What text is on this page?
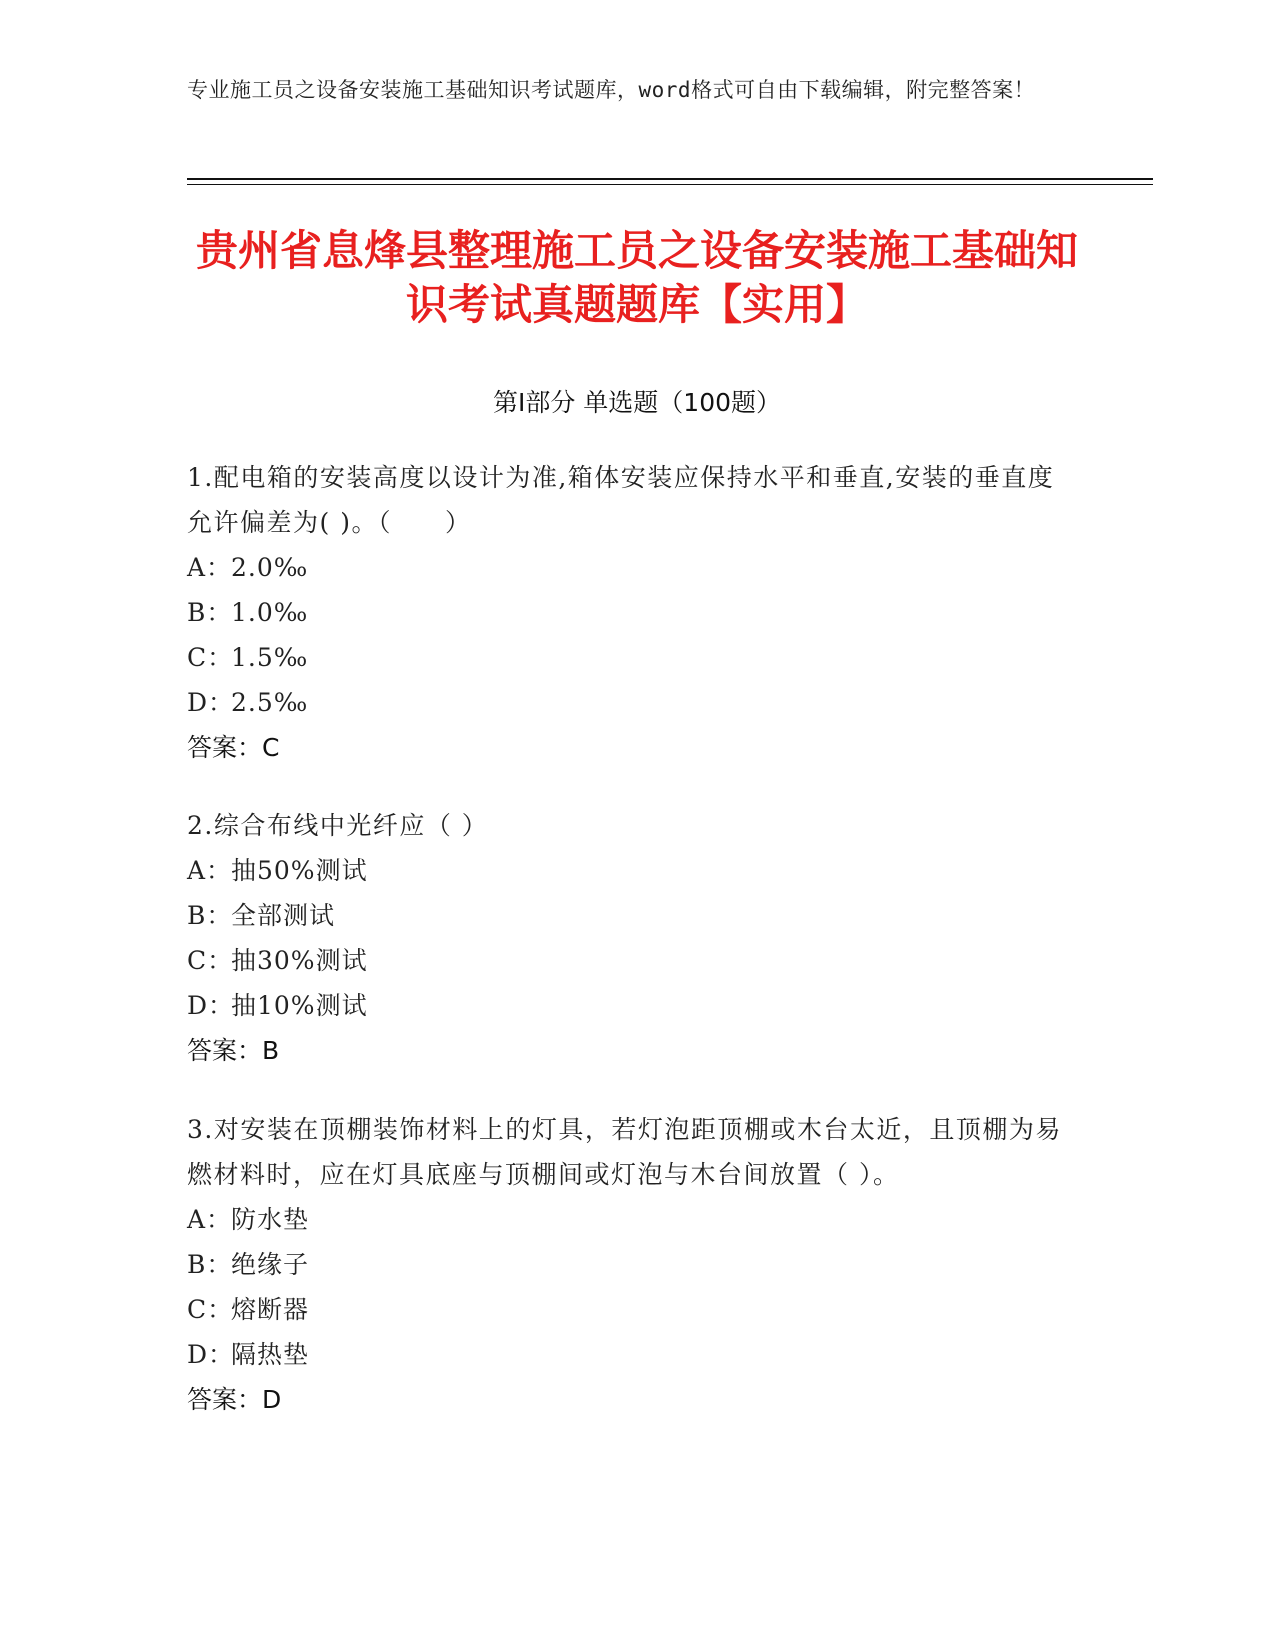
专业施工员之设备安装施工基础知识考试题库，word格式可自由下载编辑，附完整答案！
贵州省息烽县整理施工员之设备安装施工基础知识考试真题题库【实用】
第Ⅰ部分 单选题（100题）
1.配电箱的安装高度以设计为准,箱体安装应保持水平和垂直,安装的垂直度允许偏差为( )。（　　）
A：2.0‰
B：1.0‰
C：1.5‰
D：2.5‰
答案：C
2.综合布线中光纤应（ ）
A：抽50%测试
B：全部测试
C：抽30%测试
D：抽10%测试
答案：B
3.对安装在顶棚装饰材料上的灯具，若灯泡距顶棚或木台太近，且顶棚为易燃材料时，应在灯具底座与顶棚间或灯泡与木台间放置（ ）。
A：防水垫
B：绝缘子
C：熔断器
D：隔热垫
答案：D
